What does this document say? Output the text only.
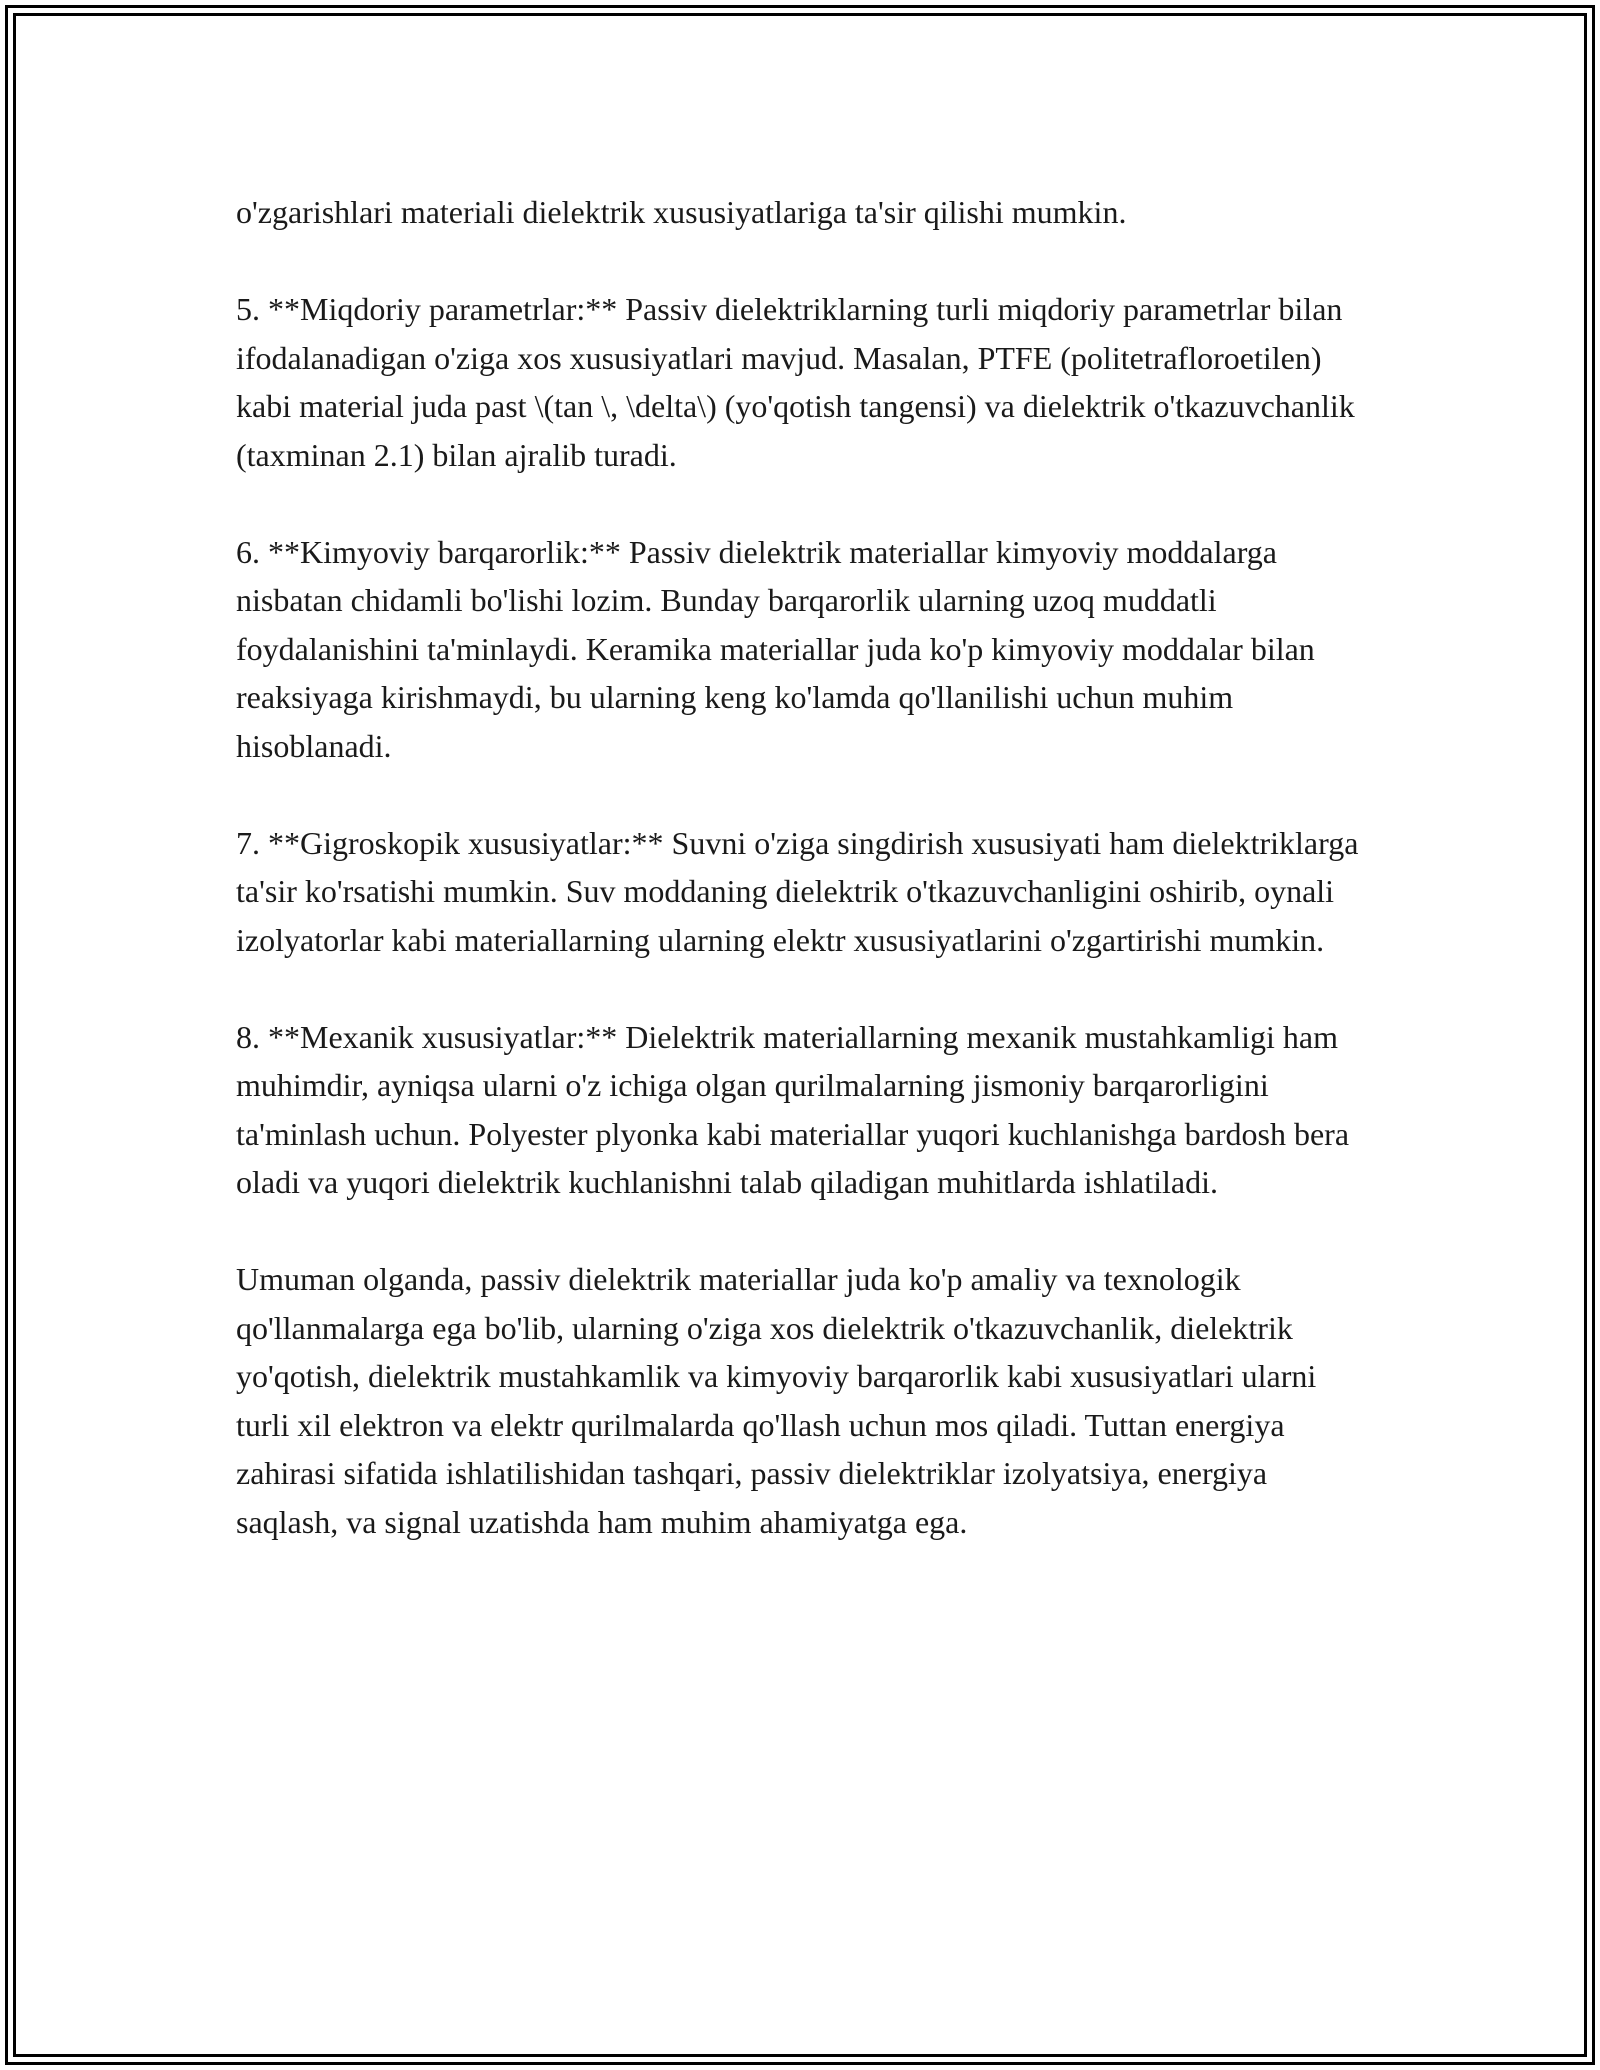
o'zgarishlari materiali dielektrik xususiyatlariga ta'sir qilishi mumkin.

5. **Miqdoriy parametrlar:** Passiv dielektriklarning turli miqdoriy parametrlar bilan ifodalanadigan o'ziga xos xususiyatlari mavjud. Masalan, PTFE (politetrafloroetilen) kabi material juda past \(tan \, \delta\) (yo'qotish tangensi) va dielektrik o'tkazuvchanlik (taxminan 2.1) bilan ajralib turadi.

6. **Kimyoviy barqarorlik:** Passiv dielektrik materiallar kimyoviy moddalarga nisbatan chidamli bo'lishi lozim. Bunday barqarorlik ularning uzoq muddatli foydalanishini ta'minlaydi. Keramika materiallar juda ko'p kimyoviy moddalar bilan reaksiyaga kirishmaydi, bu ularning keng ko'lamda qo'llanilishi uchun muhim hisoblanadi.

7. **Gigroskopik xususiyatlar:** Suvni o'ziga singdirish xususiyati ham dielektriklarga ta'sir ko'rsatishi mumkin. Suv moddaning dielektrik o'tkazuvchanligini oshirib, oynali izolyatorlar kabi materiallarning ularning elektr xususiyatlarini o'zgartirishi mumkin.

8. **Mexanik xususiyatlar:** Dielektrik materiallarning mexanik mustahkamligi ham muhimdir, ayniqsa ularni o'z ichiga olgan qurilmalarning jismoniy barqarorligini ta'minlash uchun. Polyester plyonka kabi materiallar yuqori kuchlanishga bardosh bera oladi va yuqori dielektrik kuchlanishni talab qiladigan muhitlarda ishlatiladi.

Umuman olganda, passiv dielektrik materiallar juda ko'p amaliy va texnologik qo'llanmalarga ega bo'lib, ularning o'ziga xos dielektrik o'tkazuvchanlik, dielektrik yo'qotish, dielektrik mustahkamlik va kimyoviy barqarorlik kabi xususiyatlari ularni turli xil elektron va elektr qurilmalarda qo'llash uchun mos qiladi. Tuttan energiya zahirasi sifatida ishlatilishidan tashqari, passiv dielektriklar izolyatsiya, energiya saqlash, va signal uzatishda ham muhim ahamiyatga ega.
